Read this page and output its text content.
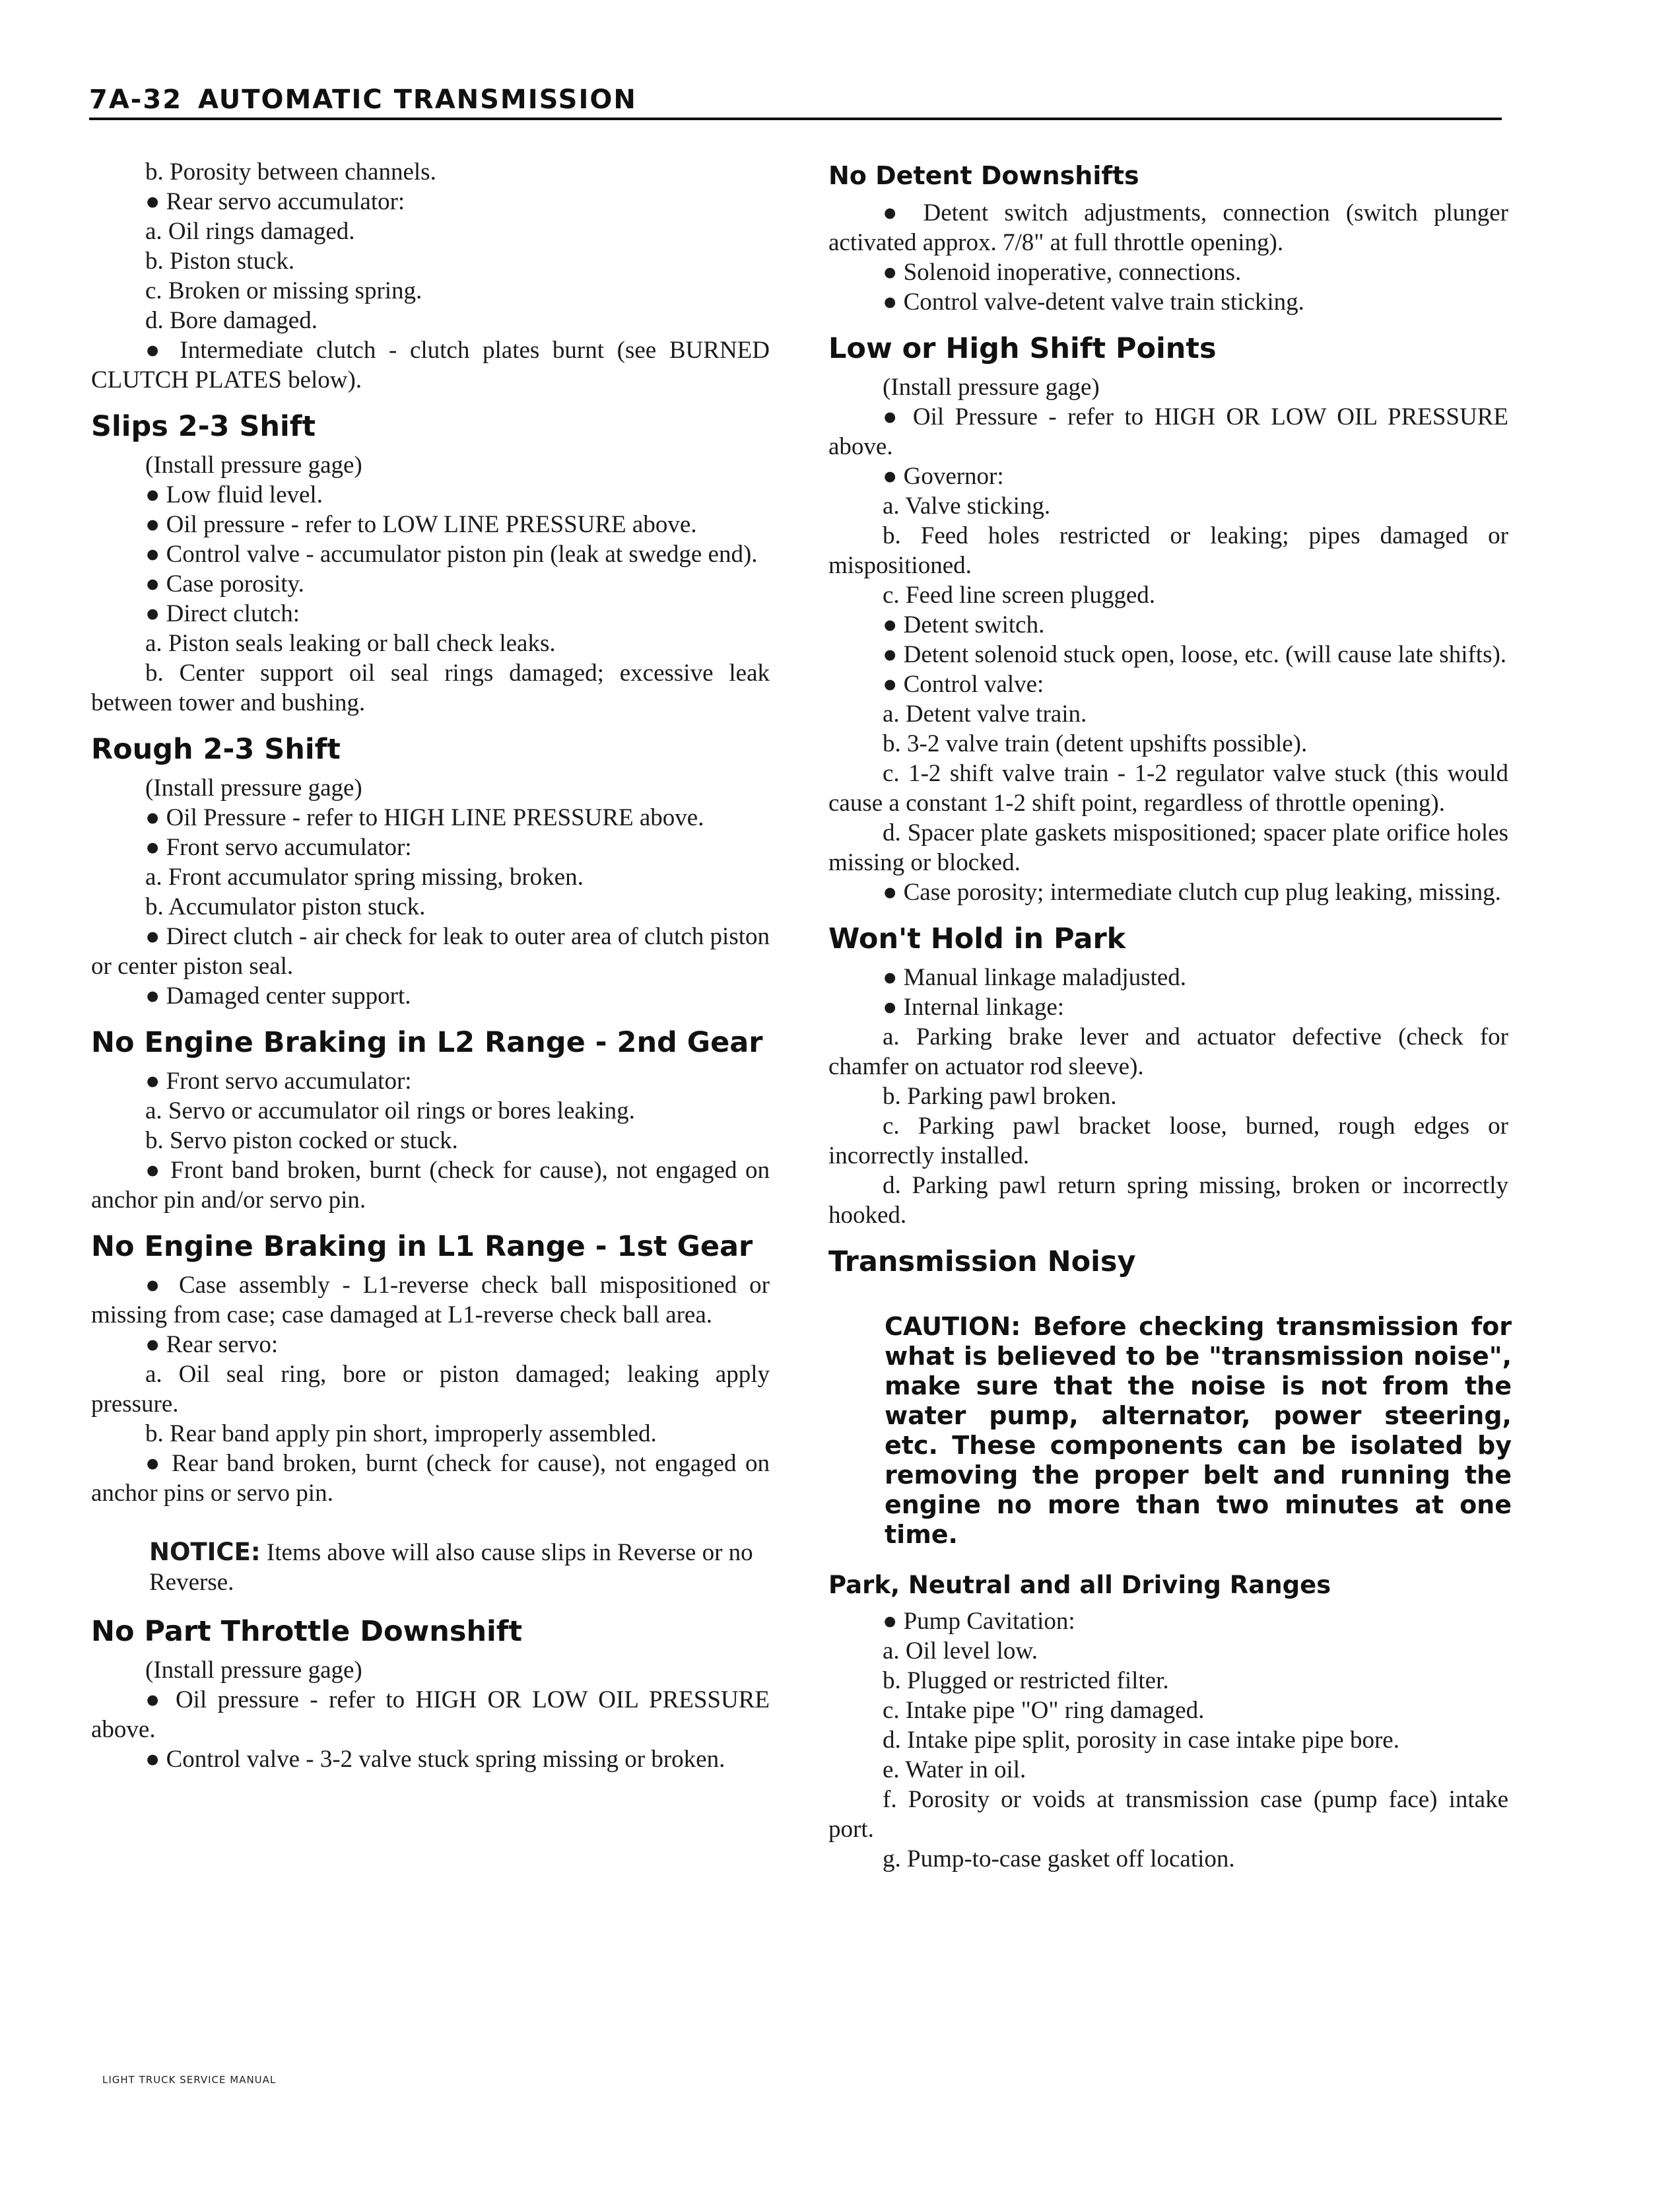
7A-32 AUTOMATIC TRANSMISSION

b. Porosity between channels.

● Rear servo accumulator:

a. Oil rings damaged.

b. Piston stuck.

c. Broken or missing spring.

d. Bore damaged.

● Intermediate clutch - clutch plates burnt (see BURNED CLUTCH PLATES below).

Slips 2-3 Shift

(Install pressure gage)

● Low fluid level.

● Oil pressure - refer to LOW LINE PRESSURE above.

● Control valve - accumulator piston pin (leak at swedge end).

● Case porosity.

● Direct clutch:

a. Piston seals leaking or ball check leaks.

b. Center support oil seal rings damaged; excessive leak between tower and bushing.

Rough 2-3 Shift

(Install pressure gage)

● Oil Pressure - refer to HIGH LINE PRESSURE above.

● Front servo accumulator:

a. Front accumulator spring missing, broken.

b. Accumulator piston stuck.

● Direct clutch - air check for leak to outer area of clutch piston or center piston seal.

● Damaged center support.

No Engine Braking in L2 Range - 2nd Gear

● Front servo accumulator:

a. Servo or accumulator oil rings or bores leaking.

b. Servo piston cocked or stuck.

● Front band broken, burnt (check for cause), not engaged on anchor pin and/or servo pin.

No Engine Braking in L1 Range - 1st Gear

● Case assembly - L1-reverse check ball mispositioned or missing from case; case damaged at L1-reverse check ball area.

● Rear servo:

a. Oil seal ring, bore or piston damaged; leaking apply pressure.

b. Rear band apply pin short, improperly assembled.

● Rear band broken, burnt (check for cause), not engaged on anchor pins or servo pin.

NOTICE: Items above will also cause slips in Reverse or no Reverse.
No Part Throttle Downshift

(Install pressure gage)

● Oil pressure - refer to HIGH OR LOW OIL PRESSURE above.

● Control valve - 3-2 valve stuck spring missing or broken.

No Detent Downshifts

● Detent switch adjustments, connection (switch plunger activated approx. 7/8" at full throttle opening).

● Solenoid inoperative, connections.

● Control valve-detent valve train sticking.

Low or High Shift Points

(Install pressure gage)

● Oil Pressure - refer to HIGH OR LOW OIL PRESSURE above.

● Governor:

a. Valve sticking.

b. Feed holes restricted or leaking; pipes damaged or mispositioned.

c. Feed line screen plugged.

● Detent switch.

● Detent solenoid stuck open, loose, etc. (will cause late shifts).

● Control valve:

a. Detent valve train.

b. 3-2 valve train (detent upshifts possible).

c. 1-2 shift valve train - 1-2 regulator valve stuck (this would cause a constant 1-2 shift point, regardless of throttle opening).

d. Spacer plate gaskets mispositioned; spacer plate orifice holes missing or blocked.

● Case porosity; intermediate clutch cup plug leaking, missing.

Won't Hold in Park

● Manual linkage maladjusted.

● Internal linkage:

a. Parking brake lever and actuator defective (check for chamfer on actuator rod sleeve).

b. Parking pawl broken.

c. Parking pawl bracket loose, burned, rough edges or incorrectly installed.

d. Parking pawl return spring missing, broken or incorrectly hooked.

Transmission Noisy
CAUTION: Before checking transmission for what is believed to be "transmission noise", make sure that the noise is not from the water pump, alternator, power steering, etc. These components can be isolated by removing the proper belt and running the engine no more than two minutes at one time.
Park, Neutral and all Driving Ranges

● Pump Cavitation:

a. Oil level low.

b. Plugged or restricted filter.

c. Intake pipe "O" ring damaged.

d. Intake pipe split, porosity in case intake pipe bore.

e. Water in oil.

f. Porosity or voids at transmission case (pump face) intake port.

g. Pump-to-case gasket off location.

LIGHT TRUCK SERVICE MANUAL
